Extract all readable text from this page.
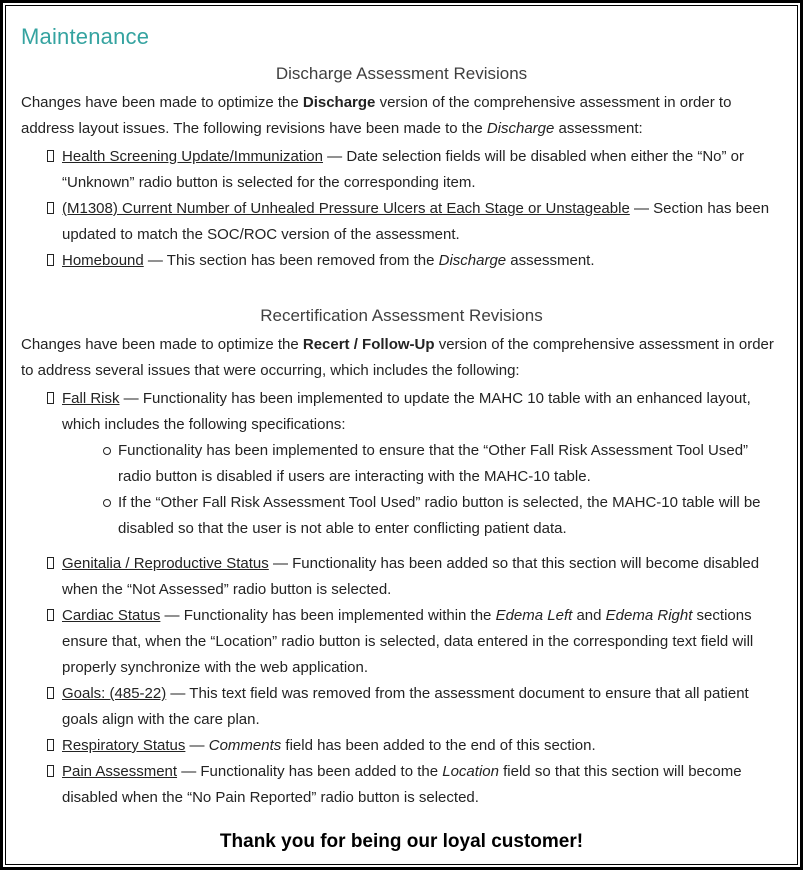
Maintenance
Discharge Assessment Revisions

Changes have been made to optimize the Discharge version of the comprehensive assessment in order to address layout issues. The following revisions have been made to the Discharge assessment:

Health Screening Update/Immunization — Date selection fields will be disabled when either the “No” or “Unknown” radio button is selected for the corresponding item.
(M1308) Current Number of Unhealed Pressure Ulcers at Each Stage or Unstageable — Section has been updated to match the SOC/ROC version of the assessment.
Homebound — This section has been removed from the Discharge assessment.
Recertification Assessment Revisions

Changes have been made to optimize the Recert / Follow-Up version of the comprehensive assessment in order to address several issues that were occurring, which includes the following:

Fall Risk — Functionality has been implemented to update the MAHC 10 table with an enhanced layout, which includes the following specifications:
Functionality has been implemented to ensure that the “Other Fall Risk Assessment Tool Used” radio button is disabled if users are interacting with the MAHC-10 table.
If the “Other Fall Risk Assessment Tool Used” radio button is selected, the MAHC-10 table will be disabled so that the user is not able to enter conflicting patient data.
Genitalia / Reproductive Status — Functionality has been added so that this section will become disabled when the “Not Assessed” radio button is selected.
Cardiac Status — Functionality has been implemented within the Edema Left and Edema Right sections ensure that, when the “Location” radio button is selected, data entered in the corresponding text field will properly synchronize with the web application.
Goals: (485-22) — This text field was removed from the assessment document to ensure that all patient goals align with the care plan.
Respiratory Status — Comments field has been added to the end of this section.
Pain Assessment — Functionality has been added to the Location field so that this section will become disabled when the “No Pain Reported” radio button is selected.

Thank you for being our loyal customer!
